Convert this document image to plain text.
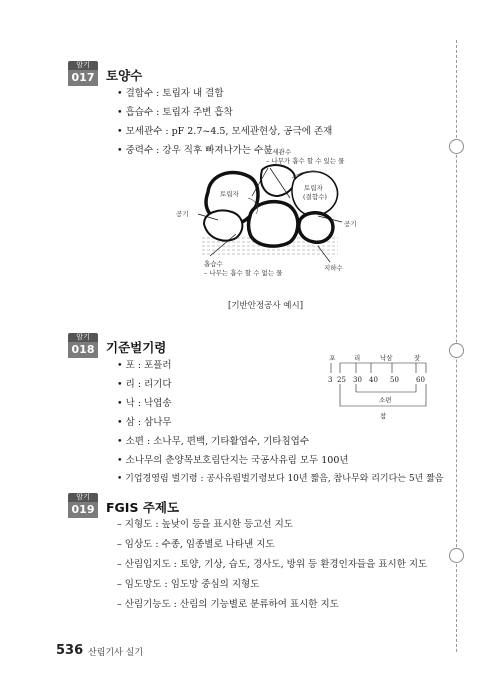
암기
017 토양수
• 결합수 : 토립자 내 결합
• 흡습수 : 토립자 주변 흡착
• 모세관수 : pF 2.7~4.5, 모세관현상, 공극에 존재
• 중력수 : 강우 직후 빠져나가는 수분
모세관수
– 나무가 흡수 할 수 있는 물
토립자
토립자
(결합수)
공기
공기
흡습수
– 나무는 흡수 할 수 없는 물
지하수
[기반안정공사 예시]
암기
018 기준벌기령
• 포 : 포플러
• 리 : 리기다
• 낙 : 낙엽송
• 삼 : 삼나무
• 소편 : 소나무, 편백, 기타활엽수, 기타침엽수
• 소나무의 춘양목보호림단지는 국공사유림 모두 100년
• 기업경영림 벌기령 : 공사유림벌기령보다 10년 짧음, 참나무와 리기다는 5년 짧음
포	리	낙삼	잣
3 25 30 40 50 60
소편
참
암기
019 FGIS 주제도
– 지형도 : 높낮이 등을 표시한 등고선 지도
– 임상도 : 수종, 임종별로 나타낸 지도
– 산림입지도 : 토양, 기상, 습도, 경사도, 방위 등 환경인자들을 표시한 지도
– 임도망도 : 임도망 중심의 지형도
– 산림기능도 : 산림의 기능별로 분류하여 표시한 지도
536 산림기사 실기
